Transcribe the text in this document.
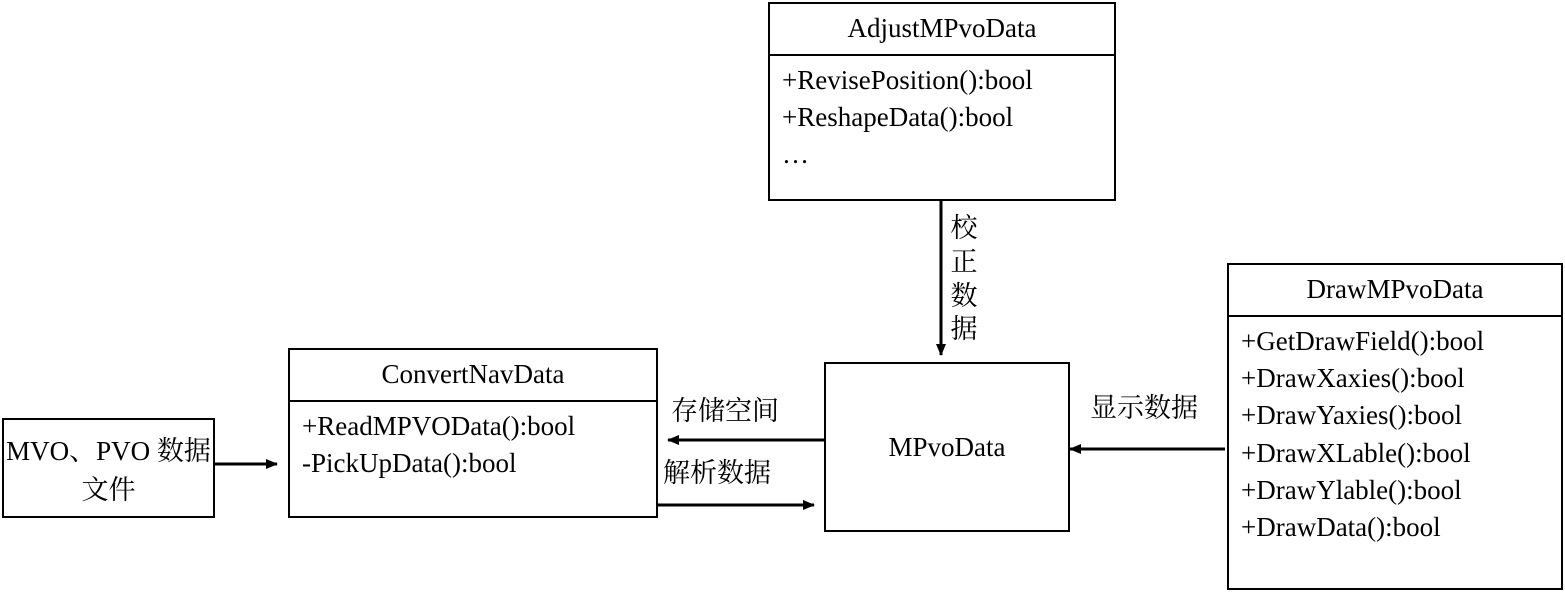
AdjustMPvoData
+RevisePosition():bool
+ReshapeData():bool
…
ConvertNavData
+ReadMPVOData():bool
-PickUpData():bool
DrawMPvoData
+GetDrawField():bool
+DrawXaxies():bool
+DrawYaxies():bool
+DrawXLable():bool
+DrawYlable():bool
+DrawData():bool
MPvoData
MVO、PVO 数据文件
校正数据
存储空间
解析数据
显示数据
